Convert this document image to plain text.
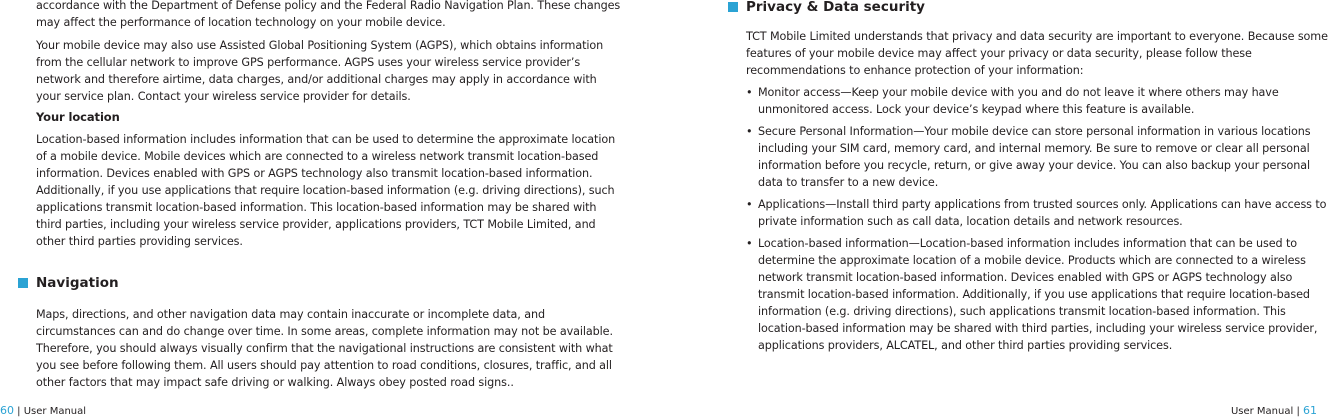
accordance with the Department of Defense policy and the Federal Radio Navigation Plan. These changes may affect the performance of location technology on your mobile device.

Your mobile device may also use Assisted Global Positioning System (AGPS), which obtains information from the cellular network to improve GPS performance. AGPS uses your wireless service provider’s network and therefore airtime, data charges, and/or additional charges may apply in accordance with your service plan. Contact your wireless service provider for details.

Your location

Location-based information includes information that can be used to determine the approximate location of a mobile device. Mobile devices which are connected to a wireless network transmit location-based information. Devices enabled with GPS or AGPS technology also transmit location-based information. Additionally, if you use applications that require location-based information (e.g. driving directions), such applications transmit location-based information. This location-based information may be shared with third parties, including your wireless service provider, applications providers, TCT Mobile Limited, and other third parties providing services.

Navigation

Maps, directions, and other navigation data may contain inaccurate or incomplete data, and circumstances can and do change over time. In some areas, complete information may not be available. Therefore, you should always visually confirm that the navigational instructions are consistent with what you see before following them. All users should pay attention to road conditions, closures, traffic, and all other factors that may impact safe driving or walking. Always obey posted road signs..

Privacy & Data security

TCT Mobile Limited understands that privacy and data security are important to everyone. Because some features of your mobile device may affect your privacy or data security, please follow these recommendations to enhance protection of your information:

• Monitor access—Keep your mobile device with you and do not leave it where others may have unmonitored access. Lock your device’s keypad where this feature is available.
• Secure Personal Information—Your mobile device can store personal information in various locations including your SIM card, memory card, and internal memory. Be sure to remove or clear all personal information before you recycle, return, or give away your device. You can also backup your personal data to transfer to a new device.
• Applications—Install third party applications from trusted sources only. Applications can have access to private information such as call data, location details and network resources.
• Location-based information—Location-based information includes information that can be used to determine the approximate location of a mobile device. Products which are connected to a wireless network transmit location-based information. Devices enabled with GPS or AGPS technology also transmit location-based information. Additionally, if you use applications that require location-based information (e.g. driving directions), such applications transmit location-based information. This location-based information may be shared with third parties, including your wireless service provider, applications providers, ALCATEL, and other third parties providing services.
60 | User Manual	User Manual | 61
